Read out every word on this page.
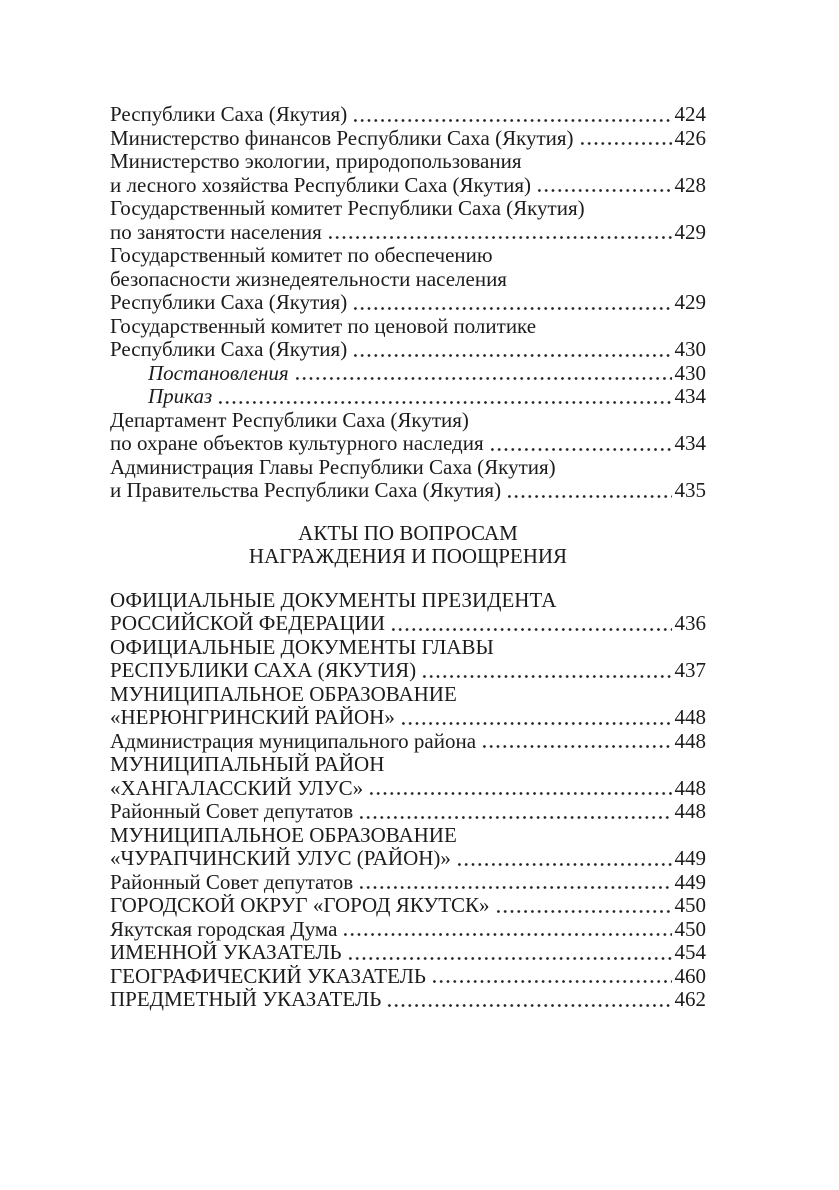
Республики Саха (Якутия)	424
Министерство финансов Республики Саха (Якутия)	426
Министерство экологии, природопользования
и лесного хозяйства Республики Саха (Якутия)	428
Государственный комитет Республики Саха (Якутия)
по занятости населения	429
Государственный комитет по обеспечению
безопасности жизнедеятельности населения
Республики Саха (Якутия)	429
Государственный комитет по ценовой политике
Республики Саха (Якутия)	430
Постановления	430
Приказ	434
Департамент Республики Саха (Якутия)
по охране объектов культурного наследия	434
Администрация Главы Республики Саха (Якутия)
и Правительства Республики Саха (Якутия)	435
АКТЫ ПО ВОПРОСАМ
НАГРАЖДЕНИЯ И ПООЩРЕНИЯ
ОФИЦИАЛЬНЫЕ ДОКУМЕНТЫ ПРЕЗИДЕНТА
РОССИЙСКОЙ ФЕДЕРАЦИИ	436
ОФИЦИАЛЬНЫЕ ДОКУМЕНТЫ ГЛАВЫ
РЕСПУБЛИКИ САХА (ЯКУТИЯ)	437
МУНИЦИПАЛЬНОЕ ОБРАЗОВАНИЕ
«НЕРЮНГРИНСКИЙ РАЙОН»	448
Администрация муниципального района	448
МУНИЦИПАЛЬНЫЙ РАЙОН
«ХАНГАЛАССКИЙ УЛУС»	448
Районный Совет депутатов	448
МУНИЦИПАЛЬНОЕ ОБРАЗОВАНИЕ
«ЧУРАПЧИНСКИЙ УЛУС (РАЙОН)»	449
Районный Совет депутатов	449
ГОРОДСКОЙ ОКРУГ «ГОРОД ЯКУТСК»	450
Якутская городская Дума	450
ИМЕННОЙ УКАЗАТЕЛЬ	454
ГЕОГРАФИЧЕСКИЙ УКАЗАТЕЛЬ	460
ПРЕДМЕТНЫЙ УКАЗАТЕЛЬ	462
